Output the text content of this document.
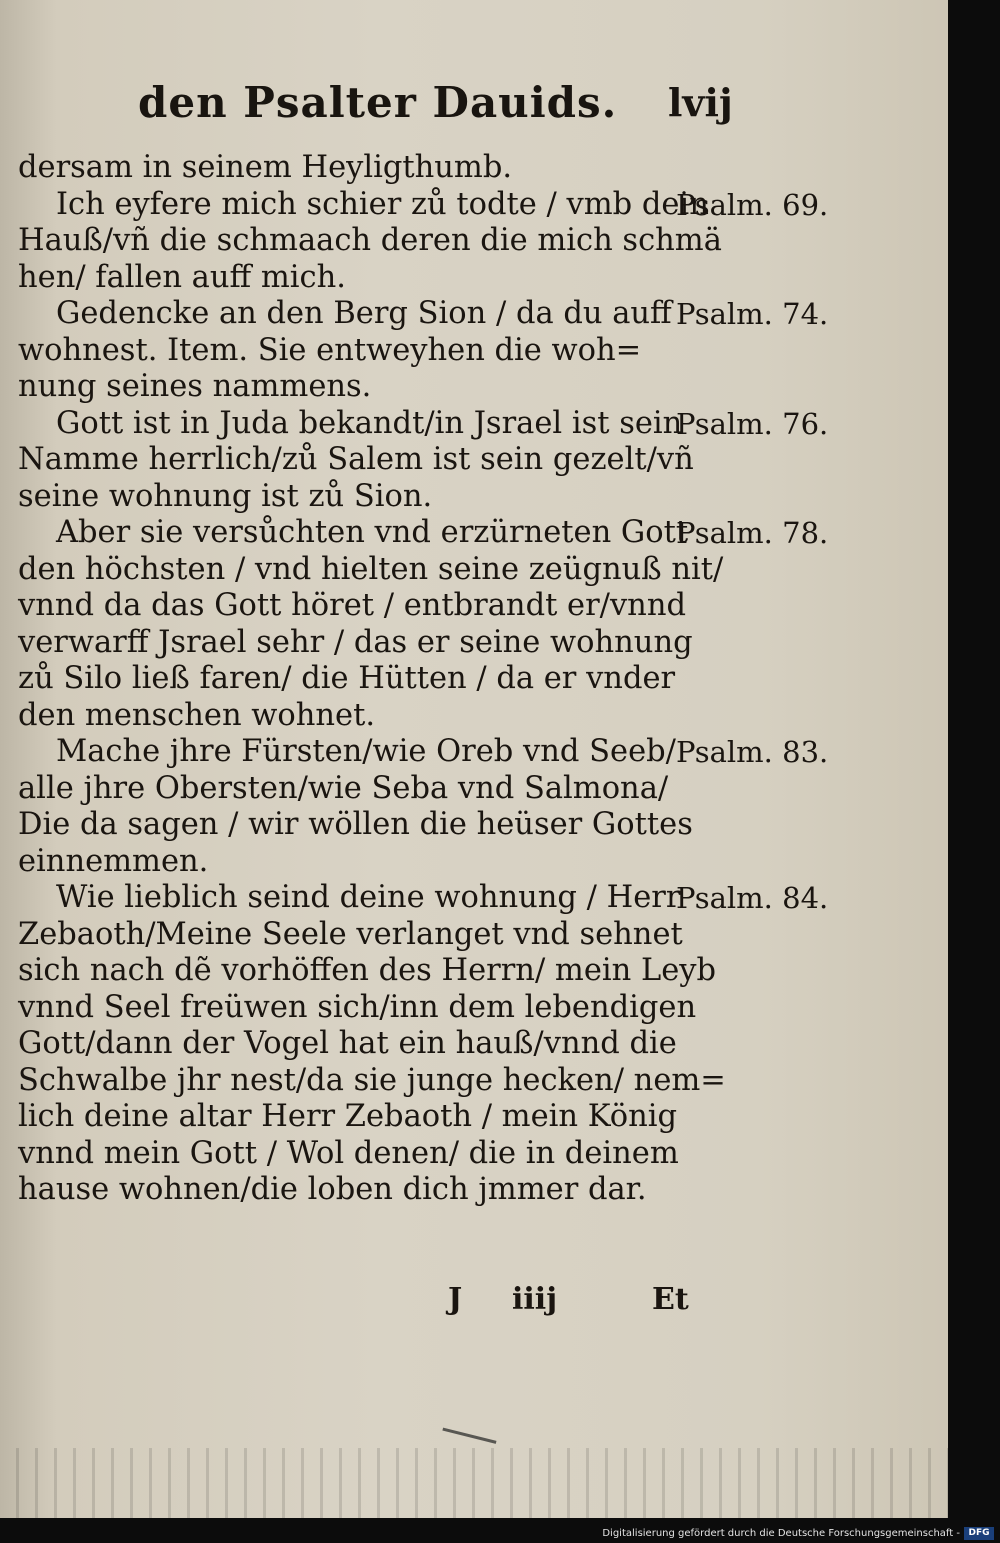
den Psalter Dauids. lvij
dersam in seinem Heyligthumb.
Ich eyfere mich schier zů todte / vmb dein
Psalm. 69.
Hauß/vñ die schmaach deren die mich schmä
hen/ fallen auff mich.
Gedencke an den Berg Sion / da du auff Psalm. 74.
wohnest. Item. Sie entweyhen die woh=
nung seines nammens.
Gott ist in Juda bekandt/in Jsrael ist sein
Psalm. 76.
Namme herrlich/zů Salem ist sein gezelt/vñ
seine wohnung ist zů Sion.
Aber sie versůchten vnd erzürneten Gott
Psalm. 78.
den höchsten / vnd hielten seine zeügnuß nit/
vnnd da das Gott höret / entbrandt er/vnnd
verwarff Jsrael sehr / das er seine wohnung
zů Silo ließ faren/ die Hütten / da er vnder
den menschen wohnet.
Mache jhre Fürsten/wie Oreb vnd Seeb/ Psalm. 83.
alle jhre Obersten/wie Seba vnd Salmona/
Die da sagen / wir wöllen die heüser Gottes
einnemmen.
Wie lieblich seind deine wohnung / Herr
Psalm. 84.
Zebaoth/Meine Seele verlanget vnd sehnet
sich nach dẽ vorhöffen des Herrn/ mein Leyb
vnnd Seel freüwen sich/inn dem lebendigen
Gott/dann der Vogel hat ein hauß/vnnd die
Schwalbe jhr nest/da sie junge hecken/ nem=
lich deine altar Herr Zebaoth / mein König
vnnd mein Gott / Wol denen/ die in deinem
hause wohnen/die loben dich jmmer dar.
J iiij	Et
Digitalisierung gefördert durch die Deutsche Forschungsgemeinschaft - DFG
